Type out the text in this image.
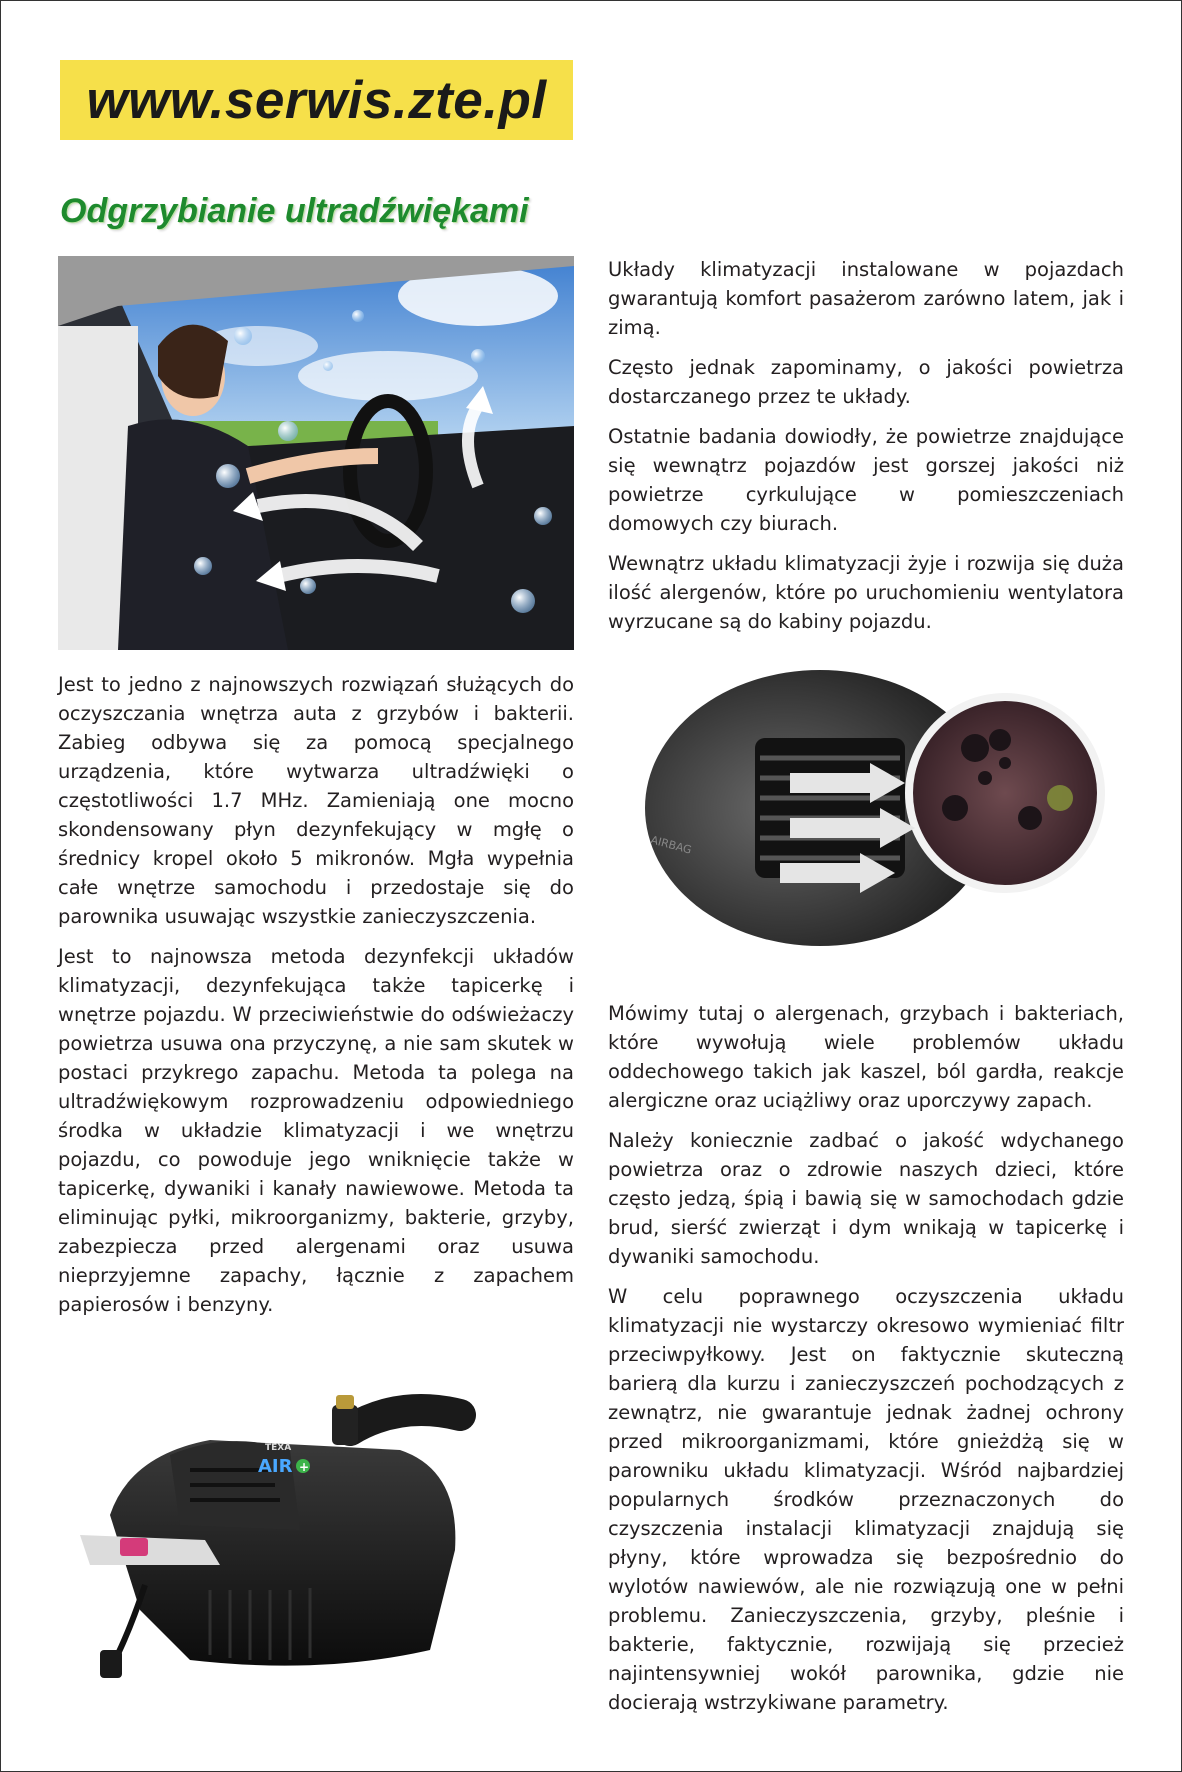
www.serwis.zte.pl
Odgrzybianie ultradźwiękami

Układy klimatyzacji instalowane w pojazdach gwarantują komfort pasażerom zarówno latem, jak i zimą.

Często jednak zapominamy, o jakości powietrza dostarczanego przez te układy.

Ostatnie badania dowiodły, że powietrze znajdujące się wewnątrz pojazdów jest gorszej jakości niż powietrze cyrkulujące w pomieszczeniach domowych czy biurach.

Wewnątrz układu klimatyzacji żyje i rozwija się duża ilość alergenów, które po uruchomieniu wentylatora wyrzucane są do kabiny pojazdu.

Jest to jedno z najnowszych rozwiązań służących do oczyszczania wnętrza auta z grzybów i bakterii. Zabieg odbywa się za pomocą specjalnego urządzenia, które wytwarza ultradźwięki o częstotliwości 1.7 MHz. Zamieniają one mocno skondensowany płyn dezynfekujący w mgłę o średnicy kropel około 5 mikronów. Mgła wypełnia całe wnętrze samochodu i przedostaje się do parownika usuwając wszystkie zanieczyszczenia.

Jest to najnowsza metoda dezynfekcji układów klimatyzacji, dezynfekująca także tapicerkę i wnętrze pojazdu. W przeciwieństwie do odświeżaczy powietrza usuwa ona przyczynę, a nie sam skutek w postaci przykrego zapachu. Metoda ta polega na ultradźwiękowym rozprowadzeniu odpowiedniego środka w układzie klimatyzacji i we wnętrzu pojazdu, co powoduje jego wniknięcie także w tapicerkę, dywaniki i kanały nawiewowe. Metoda ta eliminując pyłki, mikroorganizmy, bakterie, grzyby, zabezpiecza przed alergenami oraz usuwa nieprzyjemne zapachy, łącznie z zapachem papierosów i benzyny.

AIRBAG

Mówimy tutaj o alergenach, grzybach i bakteriach, które wywołują wiele problemów układu oddechowego takich jak kaszel, ból gardła, reakcje alergiczne oraz uciążliwy oraz uporczywy zapach.

Należy koniecznie zadbać o jakość wdychanego powietrza oraz o zdrowie naszych dzieci, które często jedzą, śpią i bawią się w samochodach gdzie brud, sierść zwierząt i dym wnikają w tapicerkę i dywaniki samochodu.

W celu poprawnego oczyszczenia układu klimatyzacji nie wystarczy okresowo wymieniać filtr przeciwpyłkowy. Jest on faktycznie skuteczną barierą dla kurzu i zanieczyszczeń pochodzących z zewnątrz, nie gwarantuje jednak żadnej ochrony przed mikroorganizmami, które gnieżdżą się w parowniku układu klimatyzacji. Wśród najbardziej popularnych środków przeznaczonych do czyszczenia instalacji klimatyzacji znajdują się płyny, które wprowadza się bezpośrednio do wylotów nawiewów, ale nie rozwiązują one w pełni problemu. Zanieczyszczenia, grzyby, pleśnie i bakterie, faktycznie, rozwijają się przecież najintensywniej wokół parownika, gdzie nie docierają wstrzykiwane parametry.

TEXA
AIR +
